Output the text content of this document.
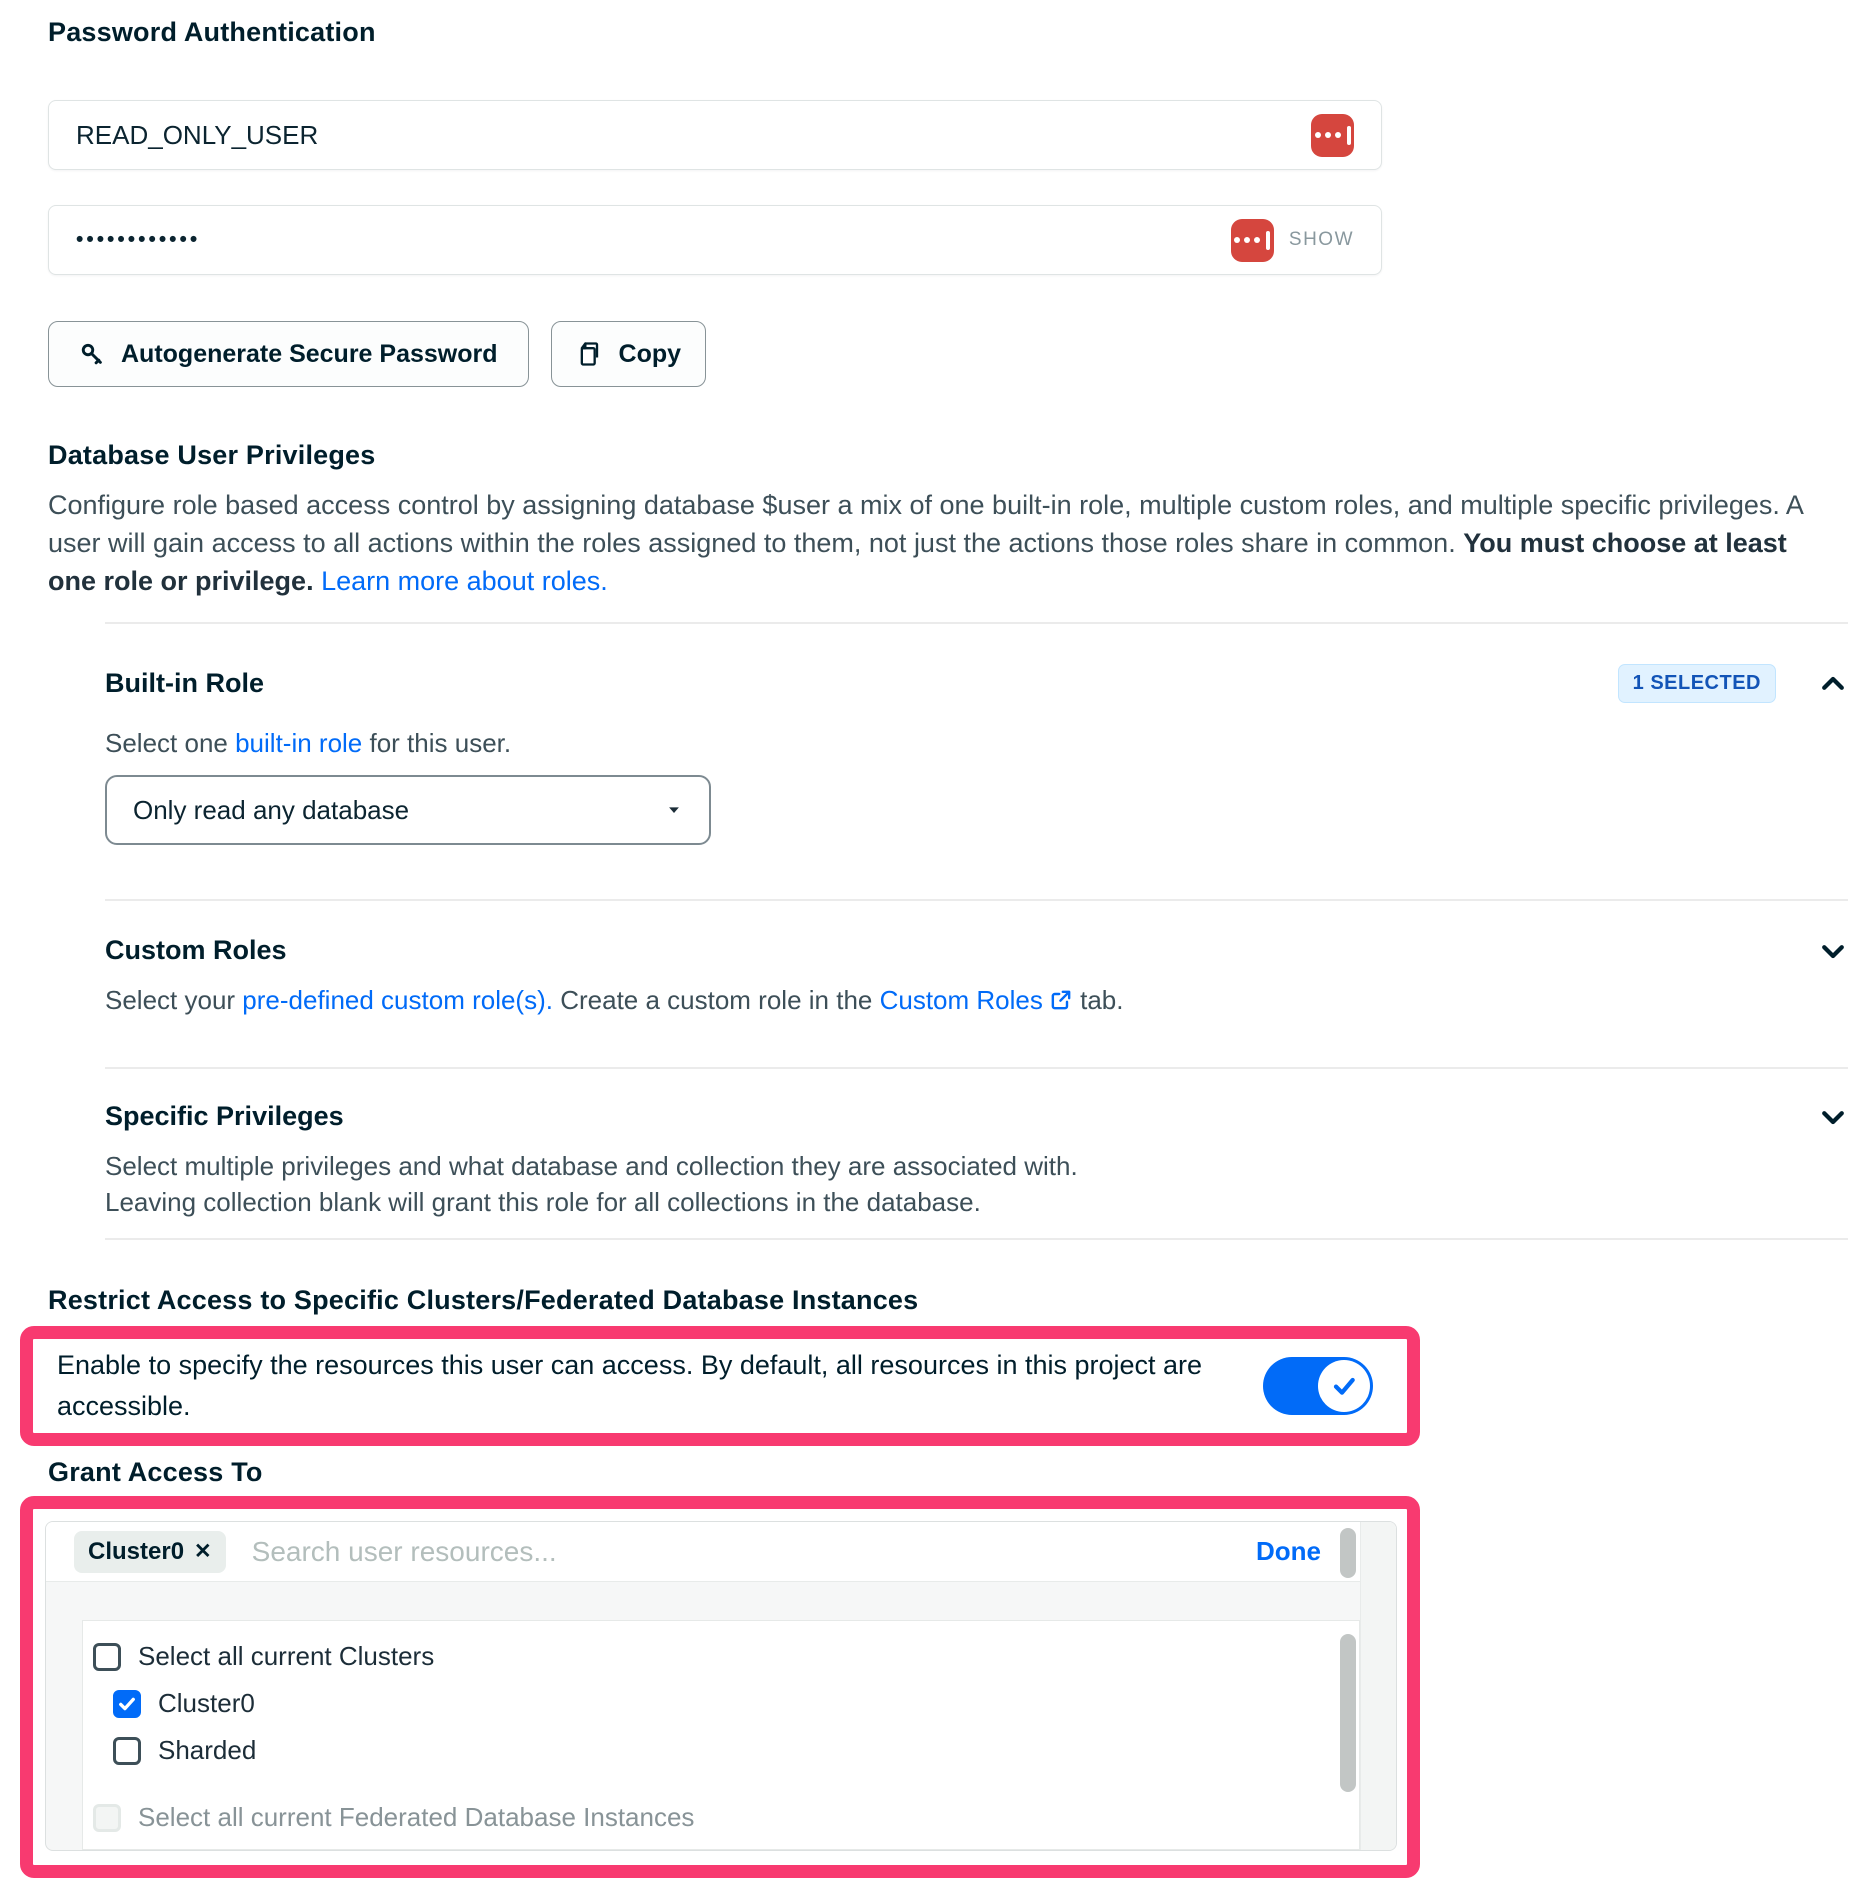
Password Authentication
READ_ONLY_USER
••••••••••••	SHOW
Autogenerate Secure Password	Copy
Database User Privileges

Configure role based access control by assigning database $user a mix of one built-in role, multiple custom roles, and multiple specific privileges. A user will gain access to all actions within the roles assigned to them, not just the actions those roles share in common. You must choose at least one role or privilege. Learn more about roles.

Built-in Role	1 SELECTED
Select one built-in role for this user.
Only read any database
Custom Roles
Select your pre-defined custom role(s). Create a custom role in the Custom Roles tab.
Specific Privileges
Select multiple privileges and what database and collection they are associated with.
Leaving collection blank will grant this role for all collections in the database.
Restrict Access to Specific Clusters/Federated Database Instances
Enable to specify the resources this user can access. By default, all resources in this project are accessible.
Grant Access To
Cluster0 ✕
Search user resources...	Done
Select all current Clusters
Cluster0
Sharded
Select all current Federated Database Instances
